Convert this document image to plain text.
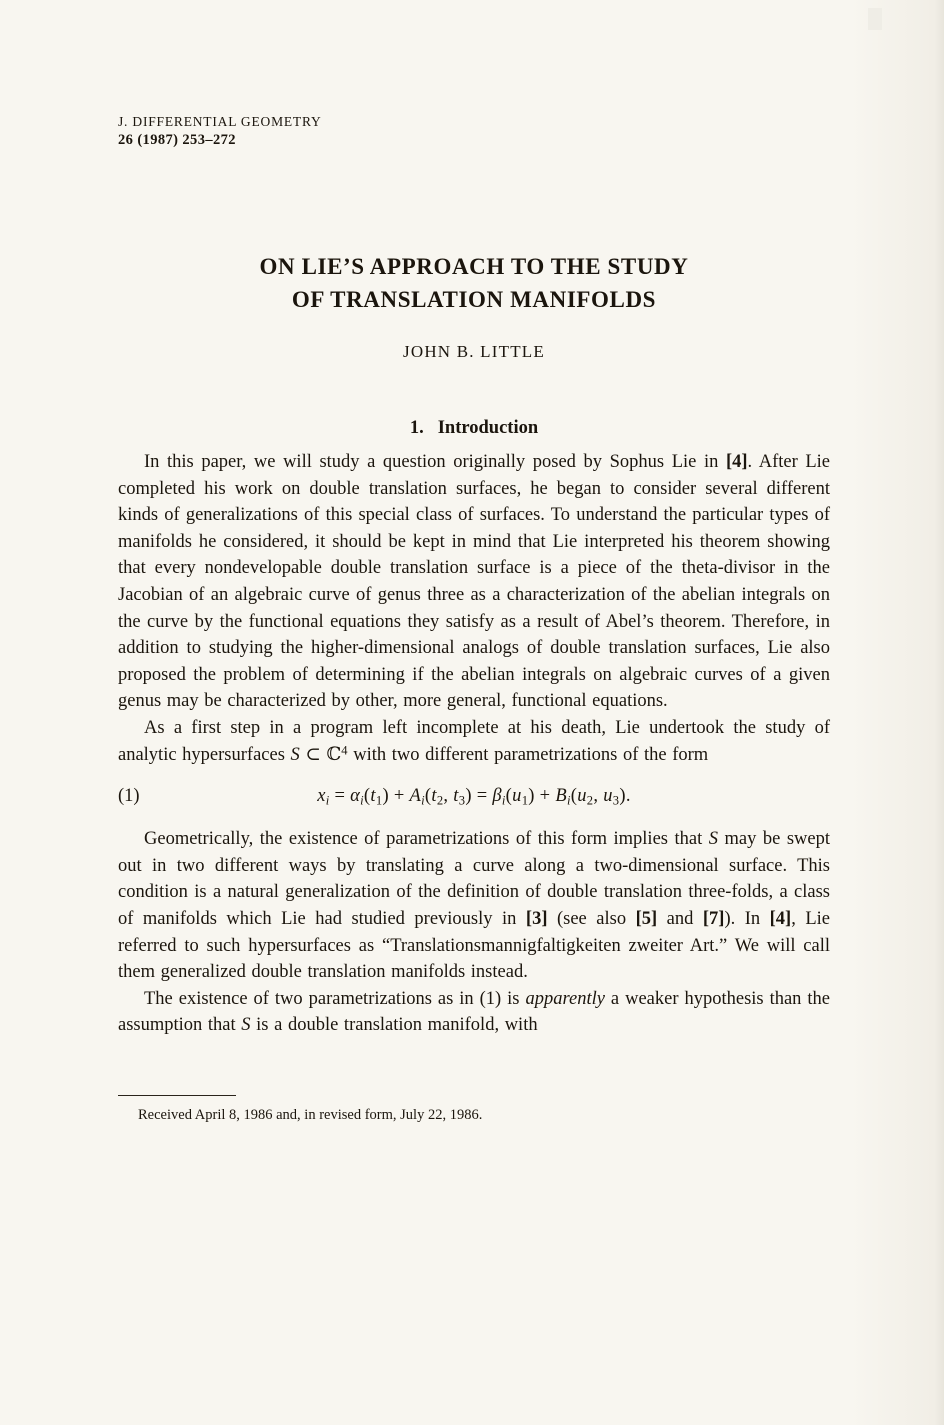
J. DIFFERENTIAL GEOMETRY
26 (1987) 253–272
ON LIE’S APPROACH TO THE STUDY
OF TRANSLATION MANIFOLDS
JOHN B. LITTLE
1. Introduction

In this paper, we will study a question originally posed by Sophus Lie in [4]. After Lie completed his work on double translation surfaces, he began to consider several different kinds of generalizations of this special class of surfaces. To understand the particular types of manifolds he considered, it should be kept in mind that Lie interpreted his theorem showing that every nondevelopable double translation surface is a piece of the theta-divisor in the Jacobian of an algebraic curve of genus three as a characterization of the abelian integrals on the curve by the functional equations they satisfy as a result of Abel’s theorem. Therefore, in addition to studying the higher-dimensional analogs of double translation surfaces, Lie also proposed the problem of determining if the abelian integrals on algebraic curves of a given genus may be characterized by other, more general, functional equations.

As a first step in a program left incomplete at his death, Lie undertook the study of analytic hypersurfaces S ⊂ ℂ$^4$ with two different parametrizations of the form

(1)	$x_i = \alpha_i(t_1) + A_i(t_2$, $t_3) = \beta_i(u_1) + B_i(u_2$, $u_3$).

Geometrically, the existence of parametrizations of this form implies that S may be swept out in two different ways by translating a curve along a two-dimensional surface. This condition is a natural generalization of the definition of double translation three-folds, a class of manifolds which Lie had studied previously in [3] (see also [5] and [7]). In [4], Lie referred to such hypersurfaces as “Translationsmannigfaltigkeiten zweiter Art.” We will call them generalized double translation manifolds instead.

The existence of two parametrizations as in (1) is apparently a weaker hypothesis than the assumption that S is a double translation manifold, with

Received April 8, 1986 and, in revised form, July 22, 1986.
